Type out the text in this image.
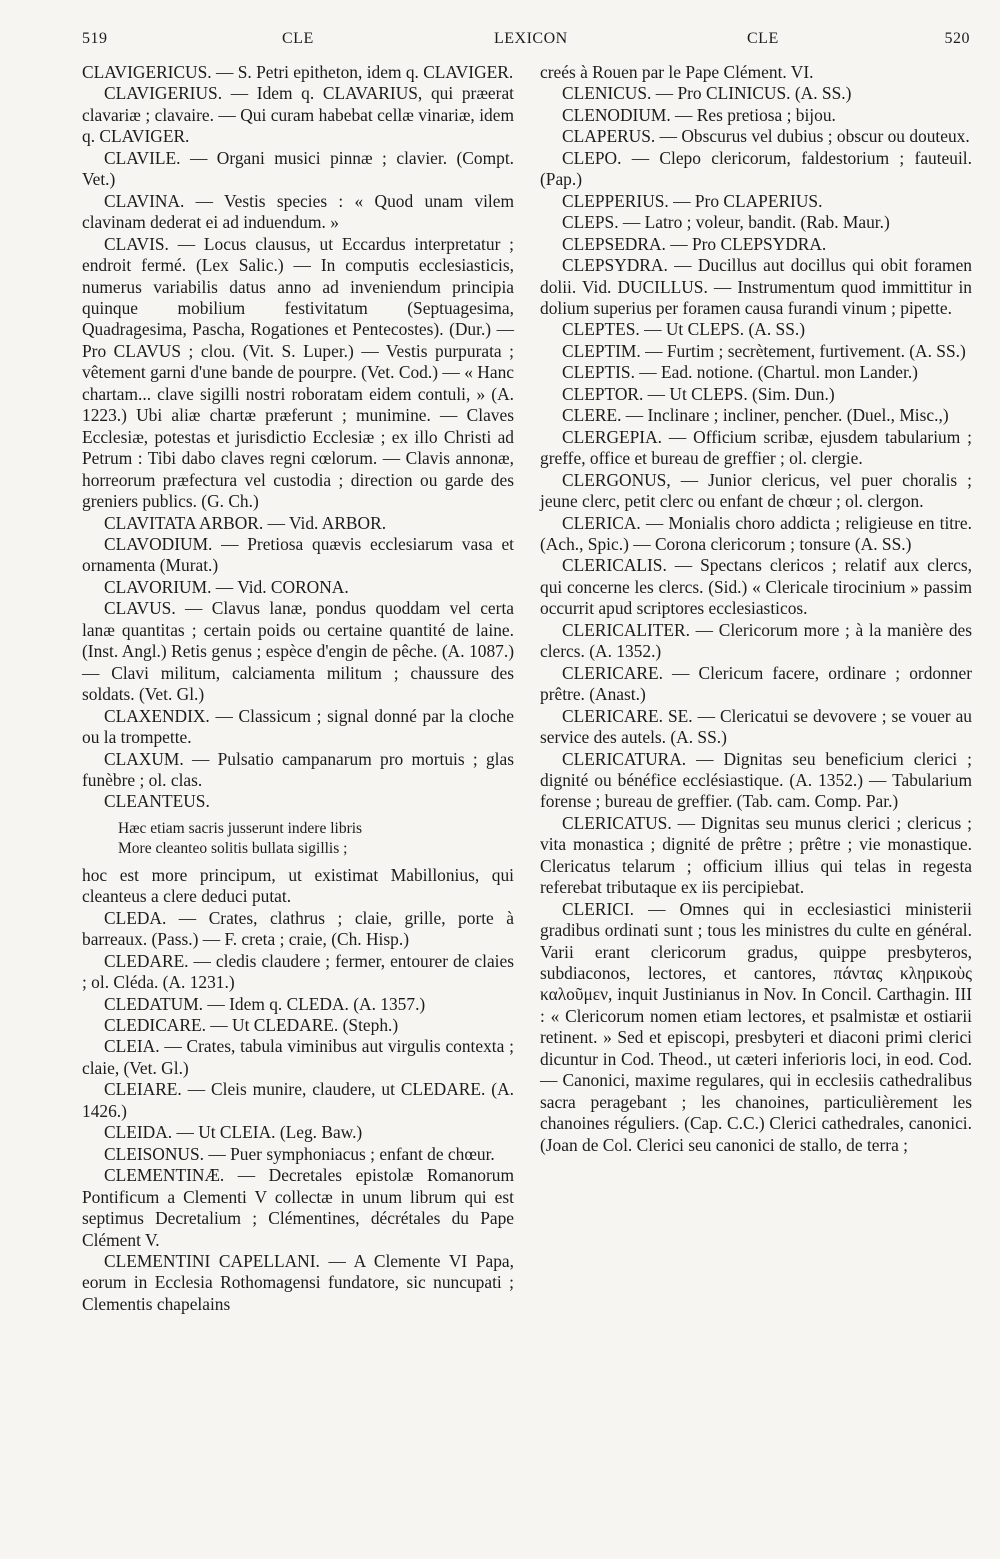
519	CLE	LEXICON	CLE	520

CLAVIGERICUS. — S. Petri epitheton, idem q. CLAVIGER.

CLAVIGERIUS. — Idem q. CLAVARIUS, qui præerat clavariæ ; clavaire. — Qui curam habebat cellæ vinariæ, idem q. CLAVIGER.

CLAVILE. — Organi musici pinnæ ; clavier. (Compt. Vet.)

CLAVINA. — Vestis species : « Quod unam vilem clavinam dederat ei ad induendum. »

CLAVIS. — Locus clausus, ut Eccardus interpretatur ; endroit fermé. (Lex Salic.) — In computis ecclesiasticis, numerus variabilis datus anno ad inveniendum principia quinque mobilium festivitatum (Septuagesima, Quadragesima, Pascha, Rogationes et Pentecostes). (Dur.) — Pro CLAVUS ; clou. (Vit. S. Luper.) — Vestis purpurata ; vêtement garni d'une bande de pourpre. (Vet. Cod.) — « Hanc chartam... clave sigilli nostri roboratam eidem contuli, » (A. 1223.) Ubi aliæ chartæ præferunt ; munimine. — Claves Ecclesiæ, potestas et jurisdictio Ecclesiæ ; ex illo Christi ad Petrum : Tibi dabo claves regni cœlorum. — Clavis annonæ, horreorum præfectura vel custodia ; direction ou garde des greniers publics. (G. Ch.)

CLAVITATA ARBOR. — Vid. ARBOR.

CLAVODIUM. — Pretiosa quævis ecclesiarum vasa et ornamenta (Murat.)

CLAVORIUM. — Vid. CORONA.

CLAVUS. — Clavus lanæ, pondus quoddam vel certa lanæ quantitas ; certain poids ou certaine quantité de laine. (Inst. Angl.) Retis genus ; espèce d'engin de pêche. (A. 1087.) — Clavi militum, calciamenta militum ; chaussure des soldats. (Vet. Gl.)

CLAXENDIX. — Classicum ; signal donné par la cloche ou la trompette.

CLAXUM. — Pulsatio campanarum pro mortuis ; glas funèbre ; ol. clas.

CLEANTEUS.

Hæc etiam sacris jusserunt indere libris
More cleanteo solitis bullata sigillis ;

hoc est more principum, ut existimat Mabillonius, qui cleanteus a clere deduci putat.

CLEDA. — Crates, clathrus ; claie, grille, porte à barreaux. (Pass.) — F. creta ; craie, (Ch. Hisp.)

CLEDARE. — cledis claudere ; fermer, entourer de claies ; ol. Cléda. (A. 1231.)

CLEDATUM. — Idem q. CLEDA. (A. 1357.)

CLEDICARE. — Ut CLEDARE. (Steph.)

CLEIA. — Crates, tabula viminibus aut virgulis contexta ; claie, (Vet. Gl.)

CLEIARE. — Cleis munire, claudere, ut CLEDARE. (A. 1426.)

CLEIDA. — Ut CLEIA. (Leg. Baw.)

CLEISONUS. — Puer symphoniacus ; enfant de chœur.

CLEMENTINÆ. — Decretales epistolæ Romanorum Pontificum a Clementi V collectæ in unum librum qui est septimus Decretalium ; Clémentines, décrétales du Pape Clément V.

CLEMENTINI CAPELLANI. — A Clemente VI Papa, eorum in Ecclesia Rothomagensi fundatore, sic nuncupati ; Clementis chapelains

creés à Rouen par le Pape Clément. VI.

CLENICUS. — Pro CLINICUS. (A. SS.)

CLENODIUM. — Res pretiosa ; bijou.

CLAPERUS. — Obscurus vel dubius ; obscur ou douteux.

CLEPO. — Clepo clericorum, faldestorium ; fauteuil. (Pap.)

CLEPPERIUS. — Pro CLAPERIUS.

CLEPS. — Latro ; voleur, bandit. (Rab. Maur.)

CLEPSEDRA. — Pro CLEPSYDRA.

CLEPSYDRA. — Ducillus aut docillus qui obit foramen dolii. Vid. DUCILLUS. — Instrumentum quod immittitur in dolium superius per foramen causa furandi vinum ; pipette.

CLEPTES. — Ut CLEPS. (A. SS.)

CLEPTIM. — Furtim ; secrètement, furtivement. (A. SS.)

CLEPTIS. — Ead. notione. (Chartul. mon Lander.)

CLEPTOR. — Ut CLEPS. (Sim. Dun.)

CLERE. — Inclinare ; incliner, pencher. (Duel., Misc.,)

CLERGEPIA. — Officium scribæ, ejusdem tabularium ; greffe, office et bureau de greffier ; ol. clergie.

CLERGONUS, — Junior clericus, vel puer choralis ; jeune clerc, petit clerc ou enfant de chœur ; ol. clergon.

CLERICA. — Monialis choro addicta ; religieuse en titre. (Ach., Spic.) — Corona clericorum ; tonsure (A. SS.)

CLERICALIS. — Spectans clericos ; relatif aux clercs, qui concerne les clercs. (Sid.) « Clericale tirocinium » passim occurrit apud scriptores ecclesiasticos.

CLERICALITER. — Clericorum more ; à la manière des clercs. (A. 1352.)

CLERICARE. — Clericum facere, ordinare ; ordonner prêtre. (Anast.)

CLERICARE. SE. — Clericatui se devovere ; se vouer au service des autels. (A. SS.)

CLERICATURA. — Dignitas seu beneficium clerici ; dignité ou bénéfice ecclésiastique. (A. 1352.) — Tabularium forense ; bureau de greffier. (Tab. cam. Comp. Par.)

CLERICATUS. — Dignitas seu munus clerici ; clericus ; vita monastica ; dignité de prêtre ; prêtre ; vie monastique. Clericatus telarum ; officium illius qui telas in regesta referebat tributaque ex iis percipiebat.

CLERICI. — Omnes qui in ecclesiastici ministerii gradibus ordinati sunt ; tous les ministres du culte en général. Varii erant clericorum gradus, quippe presbyteros, subdiaconos, lectores, et cantores, πάντας κληρικοὺς καλοῦμεν, inquit Justinianus in Nov. In Concil. Carthagin. III : « Clericorum nomen etiam lectores, et psalmistæ et ostiarii retinent. » Sed et episcopi, presbyteri et diaconi primi clerici dicuntur in Cod. Theod., ut cæteri inferioris loci, in eod. Cod. — Canonici, maxime regulares, qui in ecclesiis cathedralibus sacra peragebant ; les chanoines, particulièrement les chanoines réguliers. (Cap. C.C.) Clerici cathedrales, canonici. (Joan de Col. Clerici seu canonici de stallo, de terra ;
